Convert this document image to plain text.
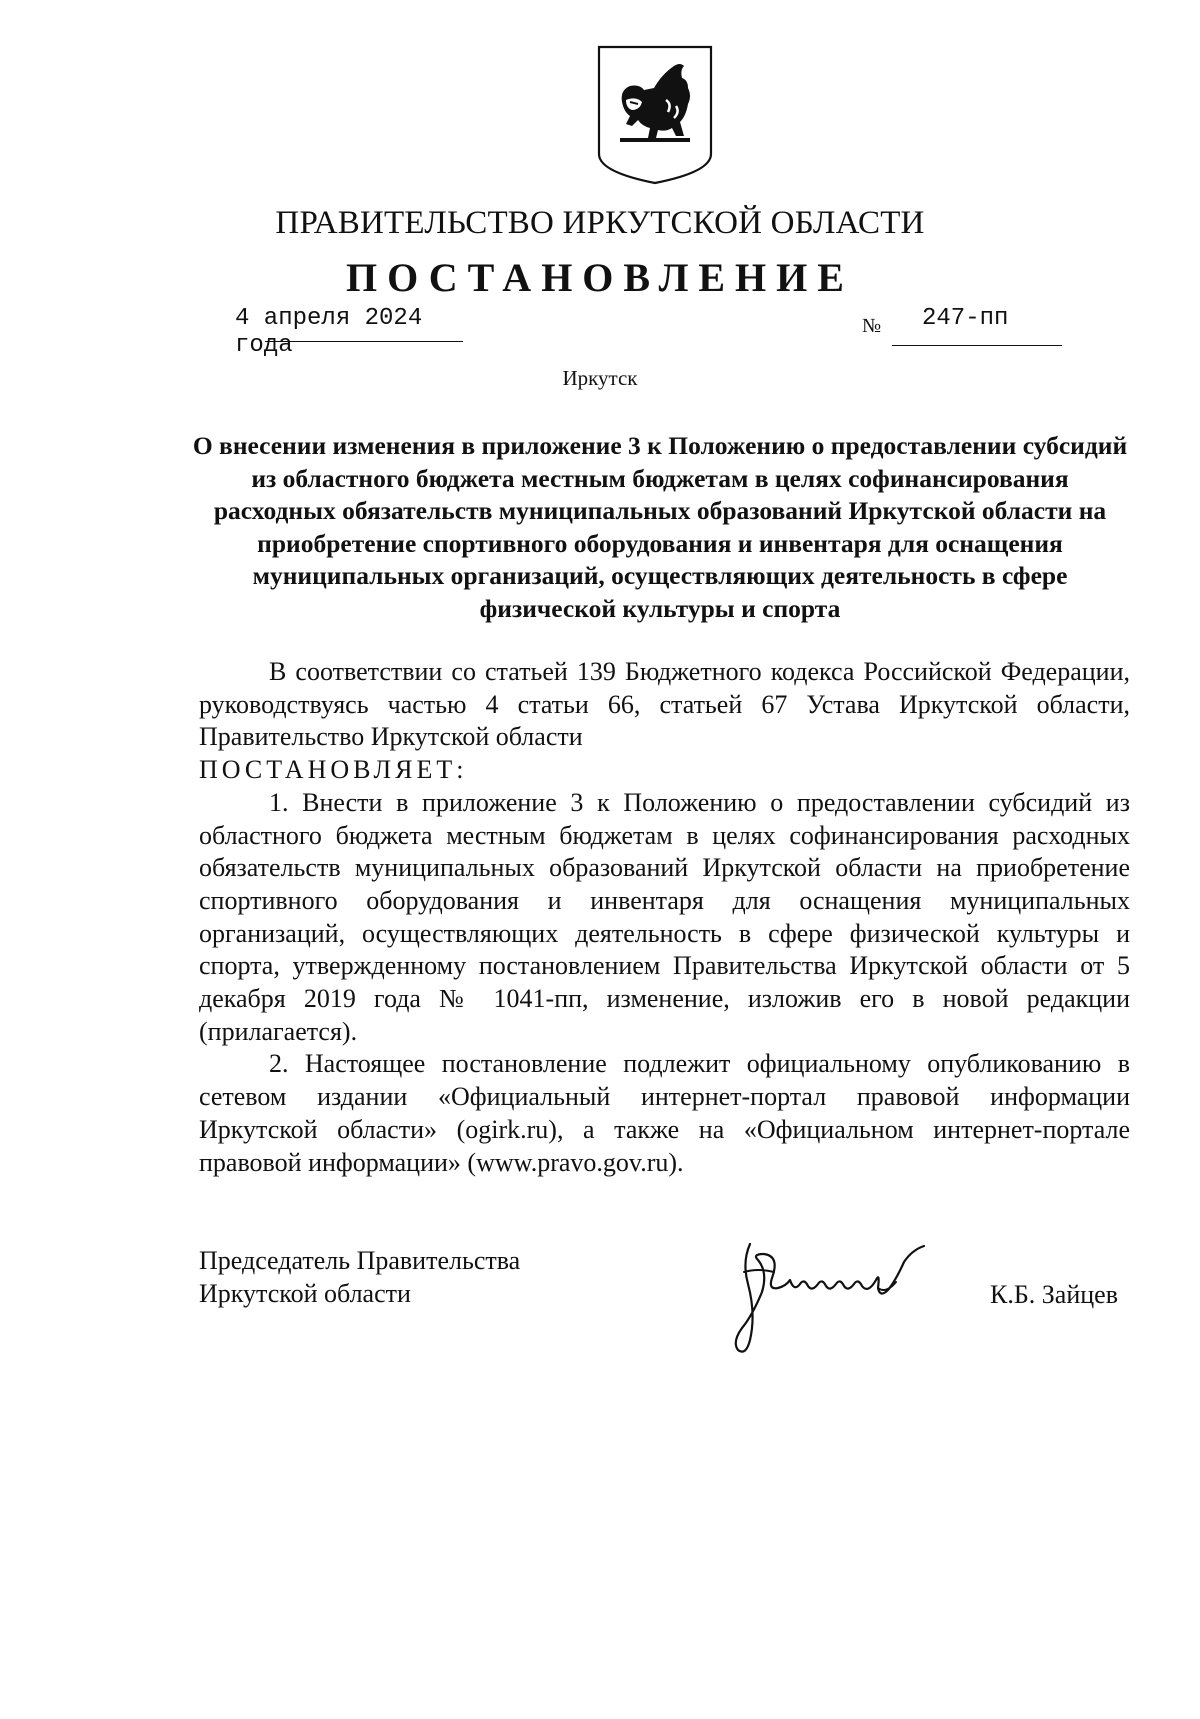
ПРАВИТЕЛЬСТВО ИРКУТСКОЙ ОБЛАСТИ
ПОСТАНОВЛЕНИЕ
4 апреля 2024 года
№ 247-пп
Иркутск
О внесении изменения в приложение 3 к Положению о предоставлении субсидий из областного бюджета местным бюджетам в целях софинансирования расходных обязательств муниципальных образований Иркутской области на приобретение спортивного оборудования и инвентаря для оснащения муниципальных организаций, осуществляющих деятельность в сфере физической культуры и спорта

В соответствии со статьей 139 Бюджетного кодекса Российской Федерации, руководствуясь частью 4 статьи 66, статьей 67 Устава Иркутской области, Правительство Иркутской области

ПОСТАНОВЛЯЕТ:

1. Внести в приложение 3 к Положению о предоставлении субсидий из областного бюджета местным бюджетам в целях софинансирования расходных обязательств муниципальных образований Иркутской области на приобретение спортивного оборудования и инвентаря для оснащения муниципальных организаций, осуществляющих деятельность в сфере физической культуры и спорта, утвержденному постановлением Правительства Иркутской области от 5 декабря 2019 года № 1041-пп, изменение, изложив его в новой редакции (прилагается).

2. Настоящее постановление подлежит официальному опубликованию в сетевом издании «Официальный интернет-портал правовой информации Иркутской области» (ogirk.ru), а также на «Официальном интернет-портале правовой информации» (www.pravo.gov.ru).

Председатель Правительства
Иркутской области	К.Б. Зайцев
